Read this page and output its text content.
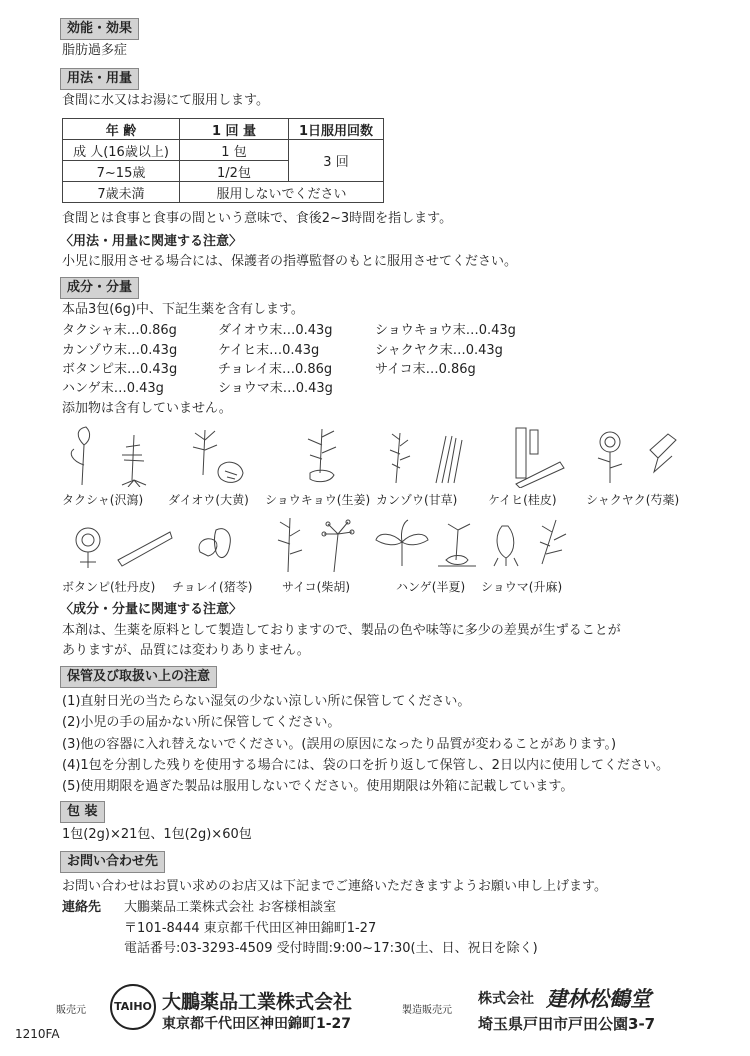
効能・効果
脂肪過多症
用法・用量
食間に水又はお湯にて服用します。
年 齢	1 回 量	1日服用回数
成 人(16歳以上)	1 包	3 回
7~15歳	1/2包	
7歳未満	服用しないでください	
食間とは食事と食事の間という意味で、食後2~3時間を指します。
〈用法・用量に関連する注意〉
小児に服用させる場合には、保護者の指導監督のもとに服用させてください。
成分・分量
本品3包(6g)中、下記生薬を含有します。
タクシャ末…0.86g	ダイオウ末…0.43g	ショウキョウ末…0.43g
カンゾウ末…0.43g	ケイヒ末…0.43g	シャクヤク末…0.43g
ボタンピ末…0.43g	チョレイ末…0.86g	サイコ末…0.86g
ハンゲ末…0.43g	ショウマ末…0.43g
添加物は含有していません。
タクシャ(沢瀉) ダイオウ(大黄) ショウキョウ(生姜) カンゾウ(甘草)	ケイヒ(桂皮) シャクヤク(芍薬)
ボタンピ(牡丹皮) チョレイ(猪苓) サイコ(柴胡)	ハンゲ(半夏) ショウマ(升麻)
〈成分・分量に関連する注意〉
本剤は、生薬を原料として製造しておりますので、製品の色や味等に多少の差異が生ずることが
ありますが、品質には変わりありません。
保管及び取扱い上の注意
(1)直射日光の当たらない湿気の少ない涼しい所に保管してください。
(2)小児の手の届かない所に保管してください。
(3)他の容器に入れ替えないでください。(誤用の原因になったり品質が変わることがあります。)
(4)1包を分割した残りを使用する場合には、袋の口を折り返して保管し、2日以内に使用してください。
(5)使用期限を過ぎた製品は服用しないでください。使用期限は外箱に記載しています。
包 装
1包(2g)×21包、1包(2g)×60包
お問い合わせ先
お問い合わせはお買い求めのお店又は下記までご連絡いただきますようお願い申し上げます。
連絡先 大鵬薬品工業株式会社 お客様相談室
〒101-8444 東京都千代田区神田錦町1-27
電話番号:03-3293-4509 受付時間:9:00~17:30(土、日、祝日を除く)
販売元	TAIHO 大鵬薬品工業株式会社
東京都千代田区神田錦町1-27
製造販売元
株式会社 建林松鶴堂
埼玉県戸田市戸田公園3-7
1210FA
